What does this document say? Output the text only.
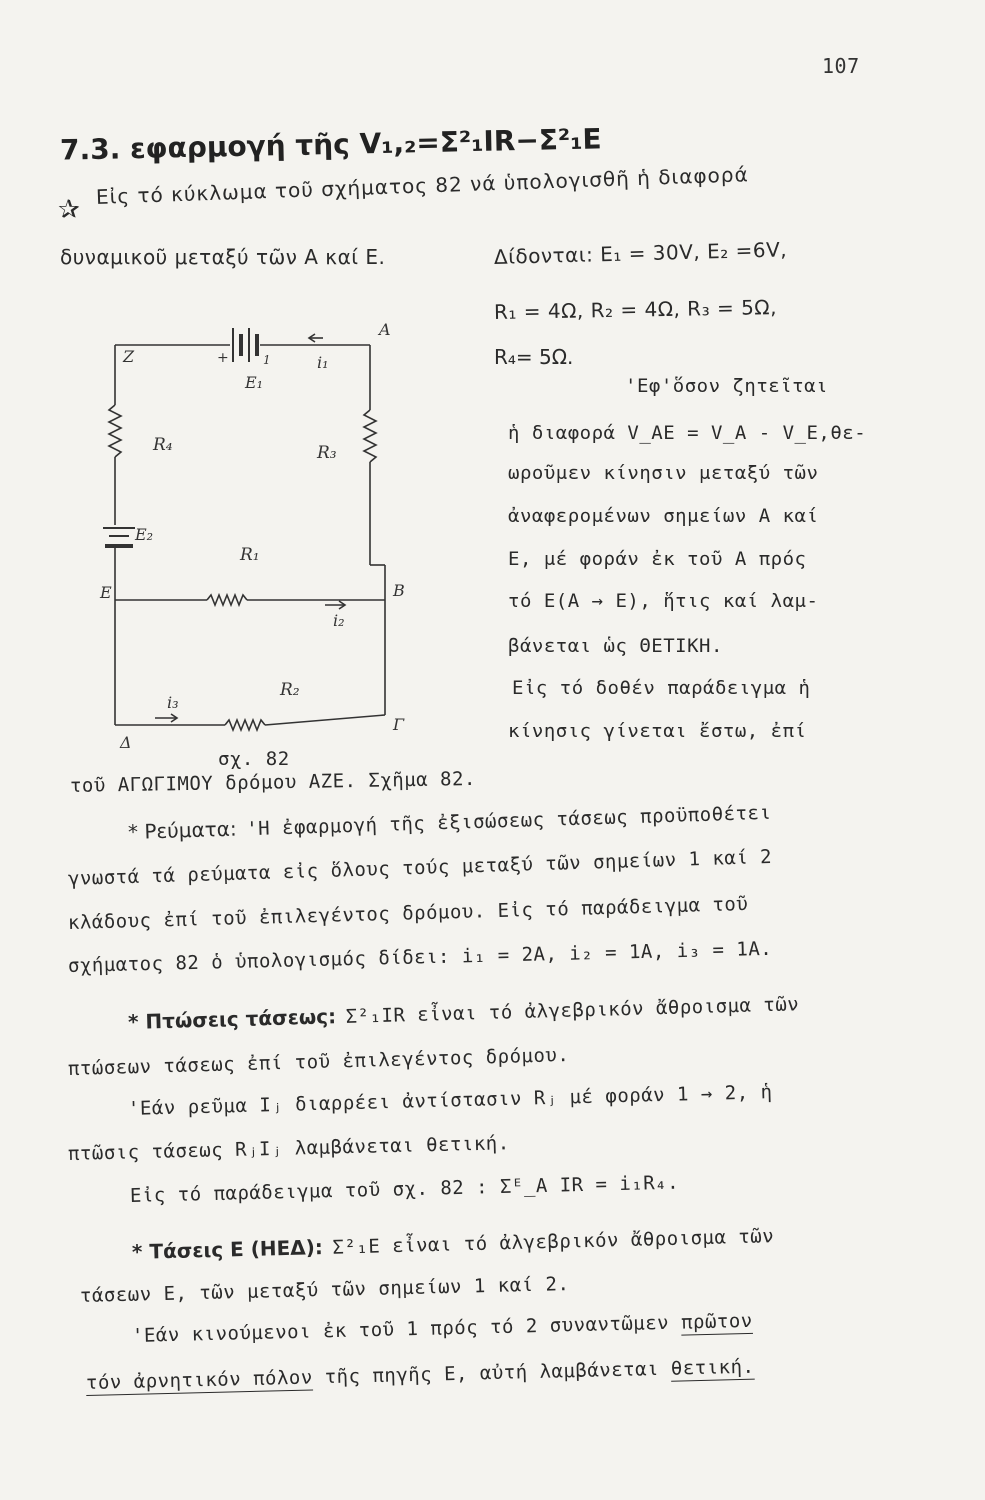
107
7.3. εφαρμογή τῆς V₁,₂=Σ²₁IR−Σ²₁E
✰
Εἰς τό κύκλωμα τοῦ σχήματος 82 νά ὑπολογισθῆ ἡ διαφορά
δυναμικοῦ μεταξύ τῶν Α καί Ε.	Δίδονται: E₁ = 30V, E₂ =6V,
R₁ = 4Ω, R₂ = 4Ω, R₃ = 5Ω,
R₄= 5Ω.
Z
A
B
Γ
Δ
E
E₁
E₂
R₄	R₃
R₁
R₂
i₁
i₂
i₃
+	1
σχ. 82
'Εφ'ὅσον ζητεῖται
ἡ διαφορά V_AE = V_A - V_E,θε-
ωροῦμεν κίνησιν μεταξύ τῶν
ἀναφερομένων σημείων Α καί
Ε, μέ φοράν ἐκ τοῦ Α πρός
τό Ε(Α → Ε), ἥτις καί λαμ-
βάνεται ὡς ΘΕΤΙΚΗ.
Εἰς τό δοθέν παράδειγμα ἡ
κίνησις γίνεται ἔστω, ἐπί
τοῦ ΑΓΩΓΙΜΟΥ δρόμου ΑΖΕ. Σχῆμα 82.
* Ρεύματα: 'Η ἐφαρμογή τῆς ἐξισώσεως τάσεως προϋποθέτει
γνωστά τά ρεύματα εἰς ὅλους τούς μεταξύ τῶν σημείων 1 καί 2
κλάδους ἐπί τοῦ ἐπιλεγέντος δρόμου. Εἰς τό παράδειγμα τοῦ
σχήματος 82 ὁ ὑπολογισμός δίδει: i₁ = 2A, i₂ = 1A, i₃ = 1A.
* Πτώσεις τάσεως: Σ²₁IR εἶναι τό ἀλγεβρικόν ἄθροισμα τῶν
πτώσεων τάσεως ἐπί τοῦ ἐπιλεγέντος δρόμου.
'Εάν ρεῦμα Iⱼ διαρρέει ἀντίστασιν Rⱼ μέ φοράν 1 → 2, ἡ
πτῶσις τάσεως RⱼIⱼ λαμβάνεται θετική.
Εἰς τό παράδειγμα τοῦ σχ. 82 : Σᴱ_A IR = i₁R₄.
* Τάσεις Ε (ΗΕΔ): Σ²₁E εἶναι τό ἀλγεβρικόν ἄθροισμα τῶν
τάσεων Ε, τῶν μεταξύ τῶν σημείων 1 καί 2.
'Εάν κινούμενοι ἐκ τοῦ 1 πρός τό 2 συναντῶμεν πρῶτον
τόν ἀρνητικόν πόλον τῆς πηγῆς Ε, αὐτή λαμβάνεται θετική.
